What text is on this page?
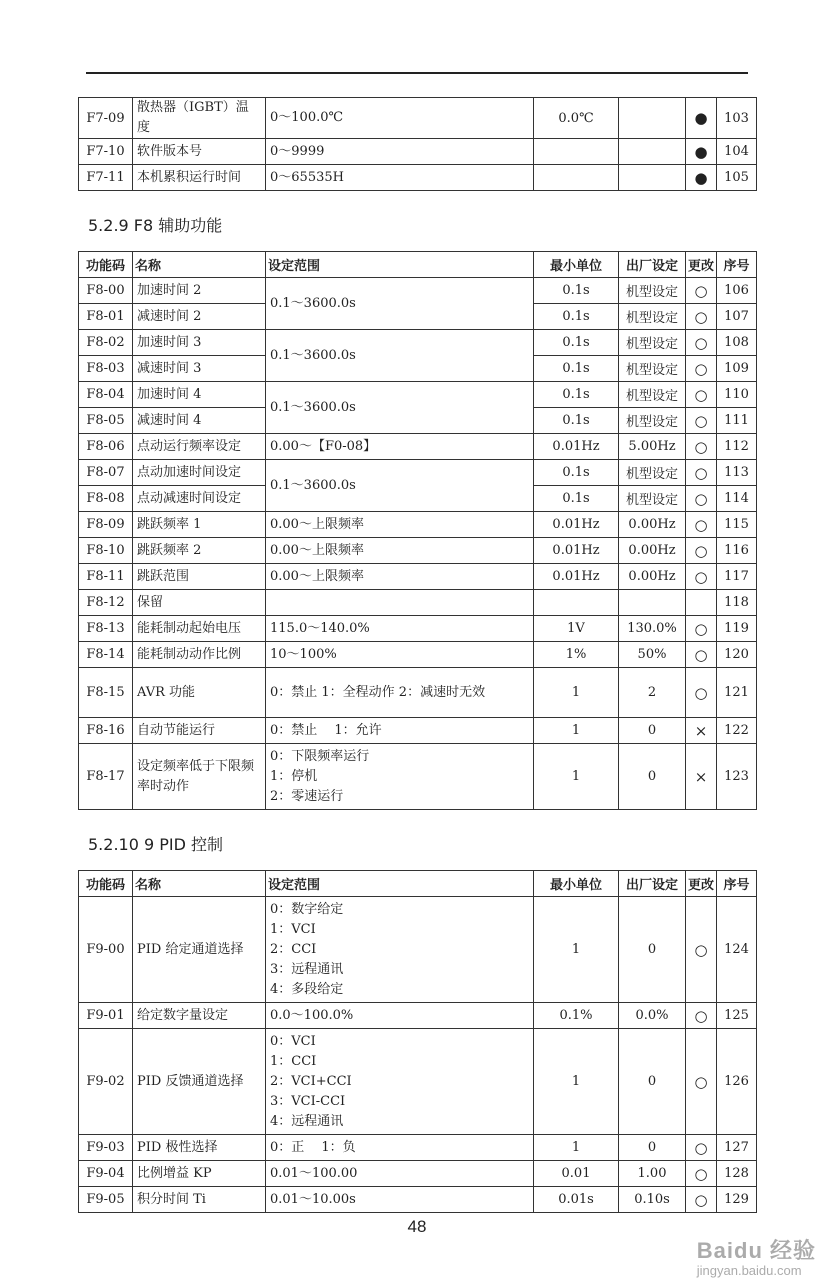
F7-09	散热器（IGBT）温度	0～100.0℃	0.0℃		●	103
F7-10	软件版本号	0～9999			●	104
F7-11	本机累积运行时间	0～65535H			●	105
5.2.9 F8 辅助功能
功能码	名称	设定范围	最小单位	出厂设定	更改	序号
F8-00	加速时间 2	0.1～3600.0s	0.1s	机型设定	○	106
F8-01	减速时间 2		0.1s	机型设定	○	107
F8-02	加速时间 3	0.1～3600.0s	0.1s	机型设定	○	108
F8-03	减速时间 3		0.1s	机型设定	○	109
F8-04	加速时间 4	0.1～3600.0s	0.1s	机型设定	○	110
F8-05	减速时间 4		0.1s	机型设定	○	111
F8-06	点动运行频率设定	0.00～【F0-08】	0.01Hz	5.00Hz	○	112
F8-07	点动加速时间设定	0.1～3600.0s	0.1s	机型设定	○	113
F8-08	点动减速时间设定		0.1s	机型设定	○	114
F8-09	跳跃频率 1	0.00～上限频率	0.01Hz	0.00Hz	○	115
F8-10	跳跃频率 2	0.00～上限频率	0.01Hz	0.00Hz	○	116
F8-11	跳跃范围	0.00～上限频率	0.01Hz	0.00Hz	○	117
F8-12	保留					118
F8-13	能耗制动起始电压	115.0～140.0%	1V	130.0%	○	119
F8-14	能耗制动动作比例	10～100%	1%	50%	○	120
F8-15	AVR 功能	0：禁止 1：全程动作 2：减速时无效	1	2	○	121
F8-16	自动节能运行	0：禁止　 1：允许	1	0	×	122
F8-17	设定频率低于下限频率时动作	0：下限频率运行
1：停机
2：零速运行	1	0	×	123
5.2.10 9 PID 控制
功能码	名称	设定范围	最小单位	出厂设定	更改	序号
F9-00	PID 给定通道选择	0：数字给定
1：VCI
2：CCI
3：远程通讯
4：多段给定	1	0	○	124
F9-01	给定数字量设定	0.0～100.0%	0.1%	0.0%	○	125
F9-02	PID 反馈通道选择	0：VCI
1：CCI
2：VCI+CCI
3：VCI-CCI
4：远程通讯	1	0	○	126
F9-03	PID 极性选择	0：正　 1：负	1	0	○	127
F9-04	比例增益 KP	0.01～100.00	0.01	1.00	○	128
F9-05	积分时间 Ti	0.01～10.00s	0.01s	0.10s	○	129
48
Baidu 经验
jingyan.baidu.com
